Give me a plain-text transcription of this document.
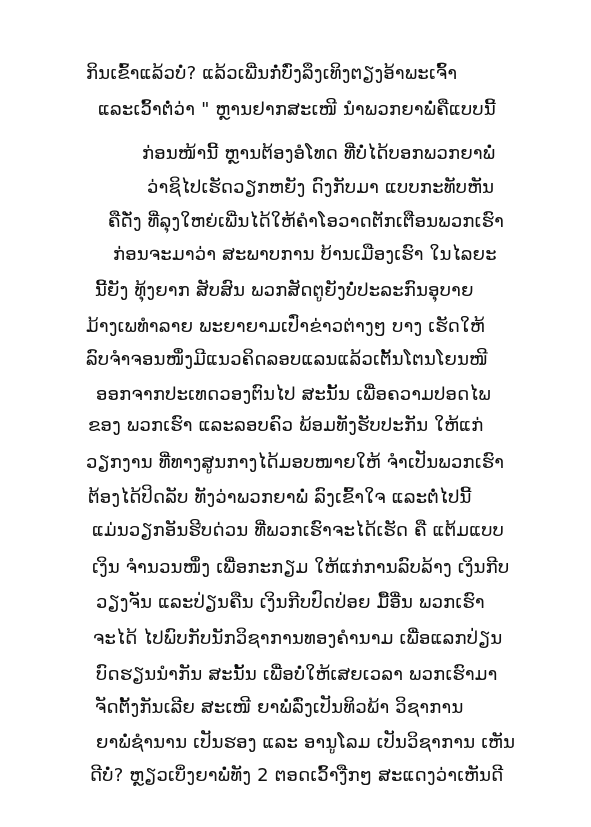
ກິນເຂົ້າແລ້ວບໍ່? ແລ້ວເພີ່ນກໍ່ບົ່ງລຶງເທິງຕຽງອ້າພະເຈົ້າ
ແລະເວົ້າຕໍ່ວ່າ " ຫຼານຢາກສະເໜີ ນຳພວກຍາພໍ່ຄືແບບນີ້
ກ່ອນໜ້ານີ້ ຫຼານຕ້ອງອໍໂທດ ທີ່ບໍ່ໄດ້ບອກພວກຍາພໍ່
ວ່າຊິໄປເຮັດວຽກຫຍັງ ດົງກັບມາ ແບບກະທັບຫັນ
ຄືດັ່ງ ທີ່ລຸງໃຫຍ່ເພີ່ນໄດ້ໃຫ້ຄຳໂອວາດຕັກເຕືອນພວກເຮົາ
ກ່ອນຈະມາວ່າ ສະພາບການ ບ້ານເມືອງເຮົາ ໃນໄລຍະ
ນີ້ຍັງ ທຸ້ງຍາກ ສັບສົນ ພວກສັດຕູຍັງບໍ່ປະລະກົນອຸບາຍ
ມ້າງເພທຳລາຍ ພະຍາຍາມເປົ່າຂ່າວຕ່າງໆ ບາງ ເຮັດໃຫ້
ລົບຈຳຈອນໜຶ່ງມີແນວຄິດລອບແລນແລ້ວເຕັ້ນໂຕນໂຍນໜີ
ອອກຈາກປະເທດວອງຕົນໄປ ສະນັ້ນ ເພື່ອຄວາມປອດໄພ
ຂອງ ພວກເຮົາ ແລະລອບຄົວ ພ້ອມທັງຮັບປະກັນ ໃຫ້ແກ່
ວຽກງານ ທີ່ທາງສູນກາງໄດ້ມອບໜາຍໃຫ້ ຈຳເປັນພວກເຮົາ
ຕ້ອງໄດ້ປິດລັບ ທັງວ່າພວກຍາພໍ່ ລົງເຂົ້າໃຈ ແລະຕໍ່ໄປນີ້
ແມ່ນວຽກອັນຮີບດ່ວນ ທີ່ພວກເຮົາຈະໄດ້ເຮັດ ຄື ແຕ້ມແບບ
ເງິນ ຈຳນວນໜຶ່ງ ເພື່ອກະກຽມ ໃຫ້ແກ່ການລົບລ້າງ ເງິນກີບ
ວຽງຈັນ ແລະປ່ຽນຄືນ ເງິນກີບປົດປ່ອຍ ມື້ອື່ນ ພວກເຮົາ
ຈະໄດ້ ໄປພົບກັບນັກວິຊາການທອງຄຳນາມ ເພື່ອແລກປ່ຽນ
ບົດຮຽນນຳກັນ ສະນັ້ນ ເພື່ອບໍ່ໃຫ້ເສຍເວລາ ພວກເຮົາມາ
ຈັດຕັ້ງກັນເລີຍ ສະເໜີ ຍາພໍ່ລົ່ງເປັນທິວພ້າ ວິຊາການ
ຍາພໍ່ຊຳນານ ເປັນຮອງ ແລະ ອານູໂລມ ເປັນວິຊາການ ເຫັນ
ດີບໍ່? ຫຼຽວເບິ່ງຍາພໍ່ທັງ 2 ຕອດເວົ້າງືກໆ ສະແດງວ່າເຫັນດີ
